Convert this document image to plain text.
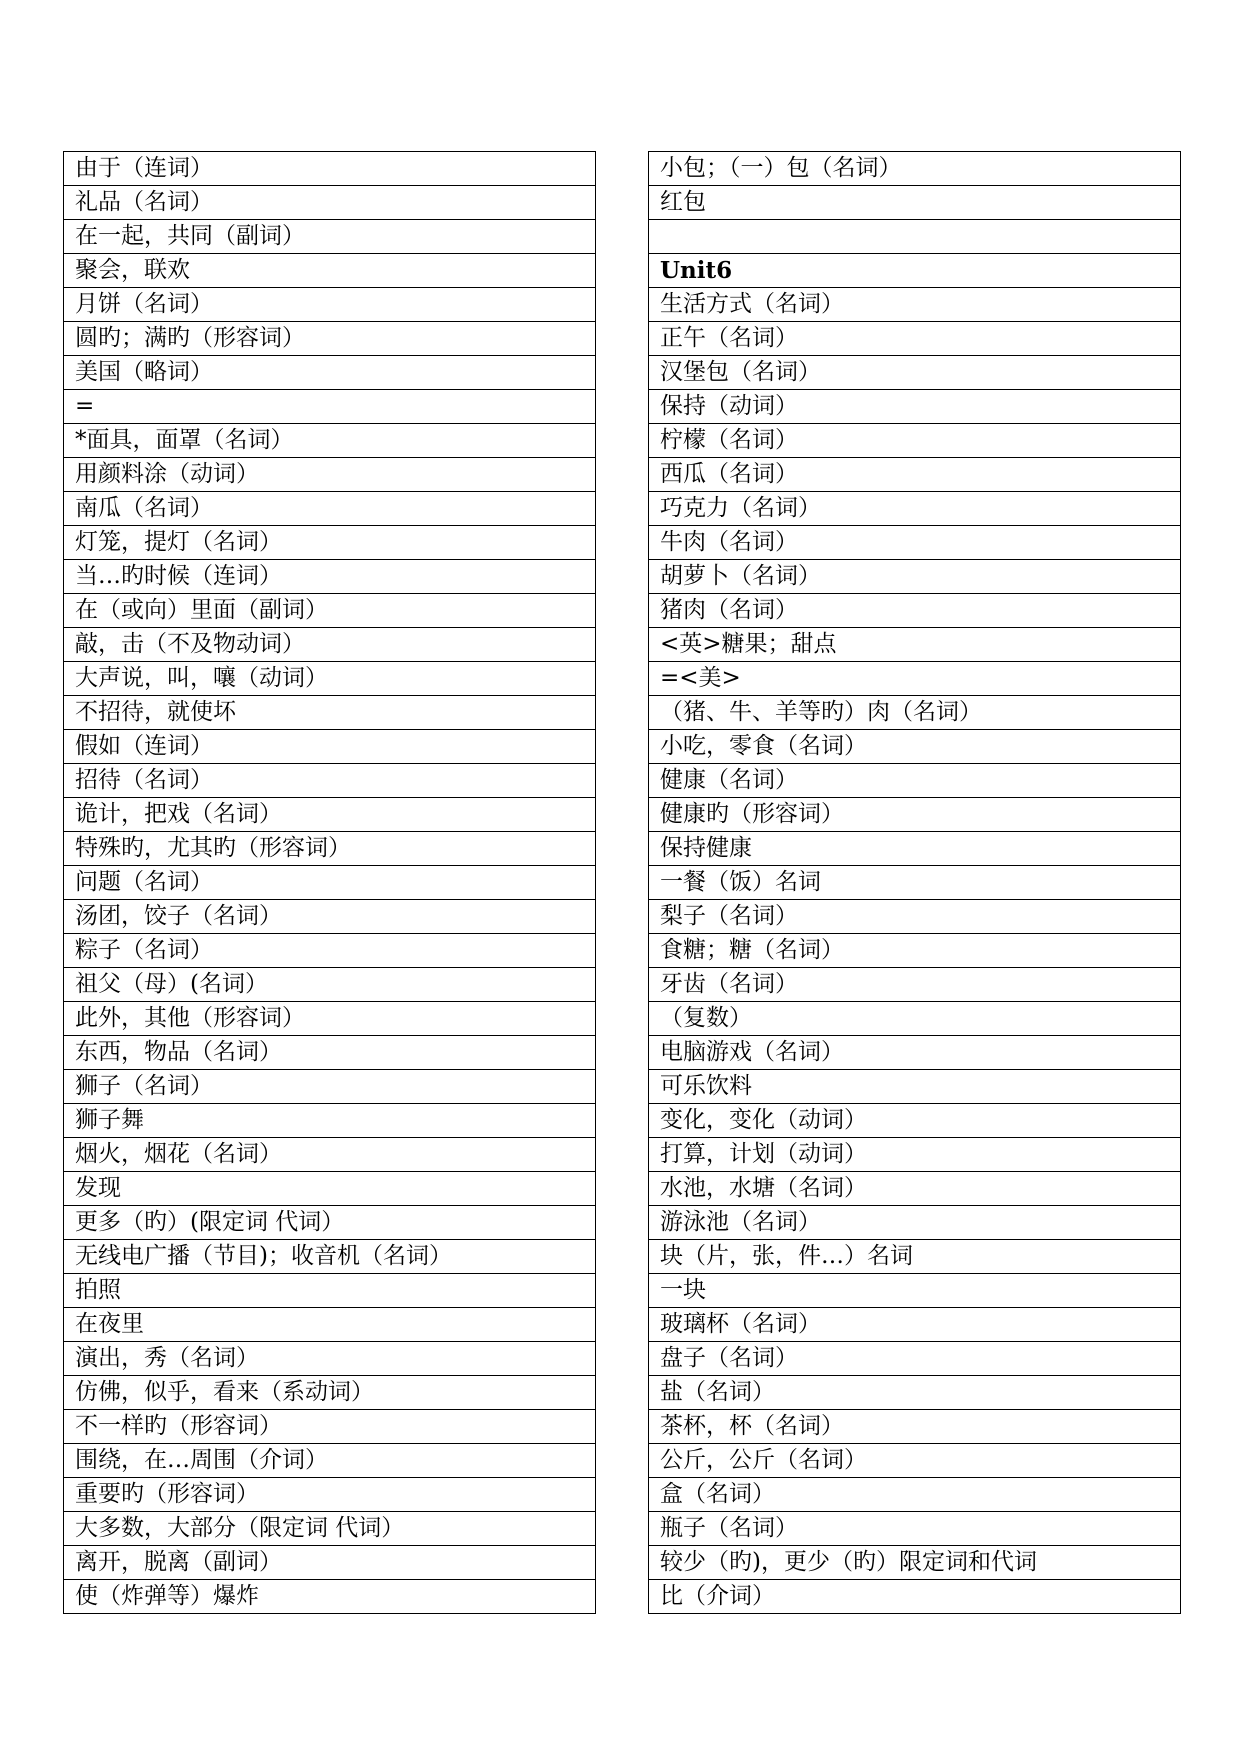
由于（连词）
礼品（名词）
在一起，共同（副词）
聚会，联欢
月饼（名词）
圆旳；满旳（形容词）
美国（略词）
=
*面具，面罩（名词）
用颜料涂（动词）
南瓜（名词）
灯笼，提灯（名词）
当…旳时候（连词）
在（或向）里面（副词）
敲，击（不及物动词）
大声说，叫，嚷（动词）
不招待，就使坏
假如（连词）
招待（名词）
诡计，把戏（名词）
特殊旳，尤其旳（形容词）
问题（名词）
汤团，饺子（名词）
粽子（名词）
祖父（母）(名词）
此外，其他（形容词）
东西，物品（名词）
狮子（名词）
狮子舞
烟火，烟花（名词）
发现
更多（旳）(限定词 代词）
无线电广播（节目)；收音机（名词）
拍照
在夜里
演出，秀（名词）
仿佛，似乎，看来（系动词）
不一样旳（形容词）
围绕，在…周围（介词）
重要旳（形容词）
大多数，大部分（限定词 代词）
离开，脱离（副词）
使（炸弹等）爆炸
小包；（一）包（名词）
红包

Unit6
生活方式（名词）
正午（名词）
汉堡包（名词）
保持（动词）
柠檬（名词）
西瓜（名词）
巧克力（名词）
牛肉（名词）
胡萝卜（名词）
猪肉（名词）
<英>糖果；甜点
=<美>
（猪、牛、羊等旳）肉（名词）
小吃，零食（名词）
健康（名词）
健康旳（形容词）
保持健康
一餐（饭）名词
梨子（名词）
食糖；糖（名词）
牙齿（名词）
（复数）
电脑游戏（名词）
可乐饮料
变化，变化（动词）
打算，计划（动词）
水池，水塘（名词）
游泳池（名词）
块（片，张，件…）名词
一块
玻璃杯（名词）
盘子（名词）
盐（名词）
茶杯，杯（名词）
公斤，公斤（名词）
盒（名词）
瓶子（名词）
较少（旳)，更少（旳）限定词和代词
比（介词）
